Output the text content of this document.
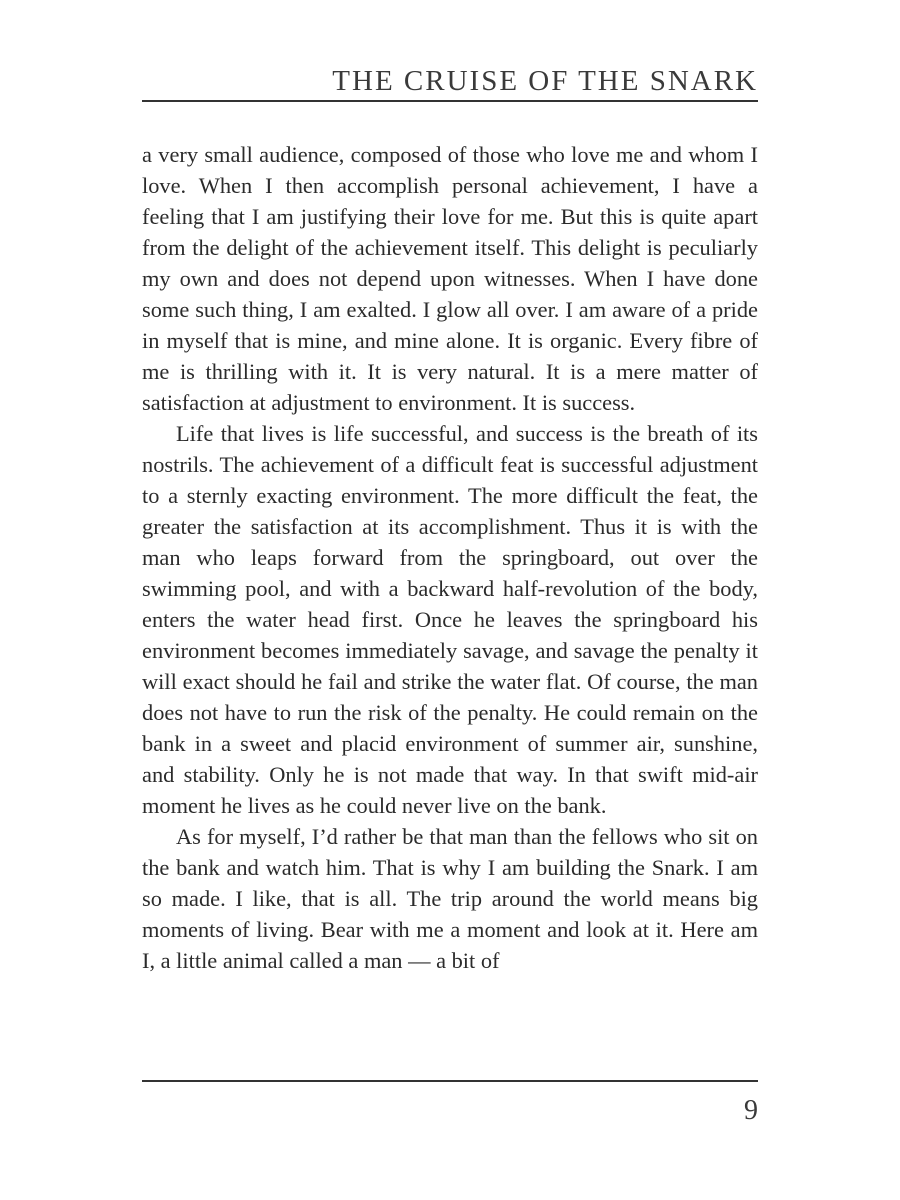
THE CRUISE OF THE SNARK

a very small audience, composed of those who love me and whom I love. When I then accomplish personal achievement, I have a feeling that I am justifying their love for me. But this is quite apart from the delight of the achievement itself. This delight is peculiarly my own and does not depend upon witnesses. When I have done some such thing, I am exalted. I glow all over. I am aware of a pride in myself that is mine, and mine alone. It is organic. Every fibre of me is thrilling with it. It is very natural. It is a mere matter of satisfaction at adjustment to environment. It is success.

Life that lives is life successful, and success is the breath of its nostrils. The achievement of a difficult feat is successful adjustment to a sternly exacting environment. The more difficult the feat, the greater the satisfaction at its accomplishment. Thus it is with the man who leaps forward from the springboard, out over the swimming pool, and with a backward half-revolution of the body, enters the water head first. Once he leaves the springboard his environment becomes immediately savage, and savage the penalty it will exact should he fail and strike the water flat. Of course, the man does not have to run the risk of the penalty. He could remain on the bank in a sweet and placid environment of summer air, sunshine, and stability. Only he is not made that way. In that swift mid-air moment he lives as he could never live on the bank.

As for myself, I’d rather be that man than the fellows who sit on the bank and watch him. That is why I am building the Snark. I am so made. I like, that is all. The trip around the world means big moments of living. Bear with me a moment and look at it. Here am I, a little animal called a man — a bit of

9
